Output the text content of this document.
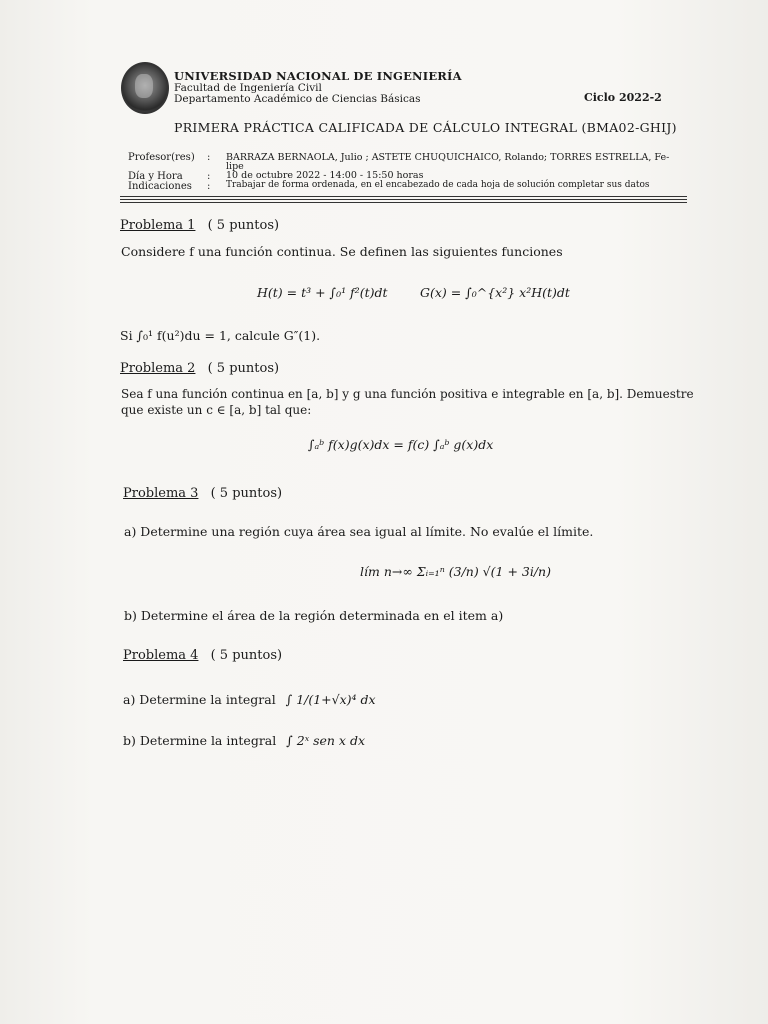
UNIVERSIDAD NACIONAL DE INGENIERÍA
Facultad de Ingeniería Civil
Departamento Académico de Ciencias Básicas	Ciclo 2022-2
PRIMERA PRÁCTICA CALIFICADA DE CÁLCULO INTEGRAL (BMA02-GHIJ)
Profesor(res) : BARRAZA BERNAOLA, Julio ; ASTETE CHUQUICHAICO, Rolando; TORRES ESTRELLA, Fe-
lipe
Día y Hora : 10 de octubre 2022 - 14:00 - 15:50 horas
Indicaciones : Trabajar de forma ordenada, en el encabezado de cada hoja de solución completar sus datos
Problema 1 ( 5 puntos)
Considere f una función continua. Se definen las siguientes funciones
H(t) = t³ + ∫₀¹ f²(t)dt	G(x) = ∫₀^{x²} x²H(t)dt
Si ∫₀¹ f(u²)du = 1, calcule G″(1).
Problema 2 ( 5 puntos)
Sea f una función continua en [a, b] y g una función positiva e integrable en [a, b]. Demuestre
que existe un c ∈ [a, b] tal que:
∫ₐᵇ f(x)g(x)dx = f(c) ∫ₐᵇ g(x)dx
Problema 3 ( 5 puntos)
a) Determine una región cuya área sea igual al límite. No evalúe el límite.
lím n→∞ Σᵢ₌₁ⁿ (3/n) √(1 + 3i/n)
b) Determine el área de la región determinada en el item a)
Problema 4 ( 5 puntos)
a) Determine la integral ∫ 1/(1+√x)⁴ dx
b) Determine la integral ∫ 2ˣ sen x dx
